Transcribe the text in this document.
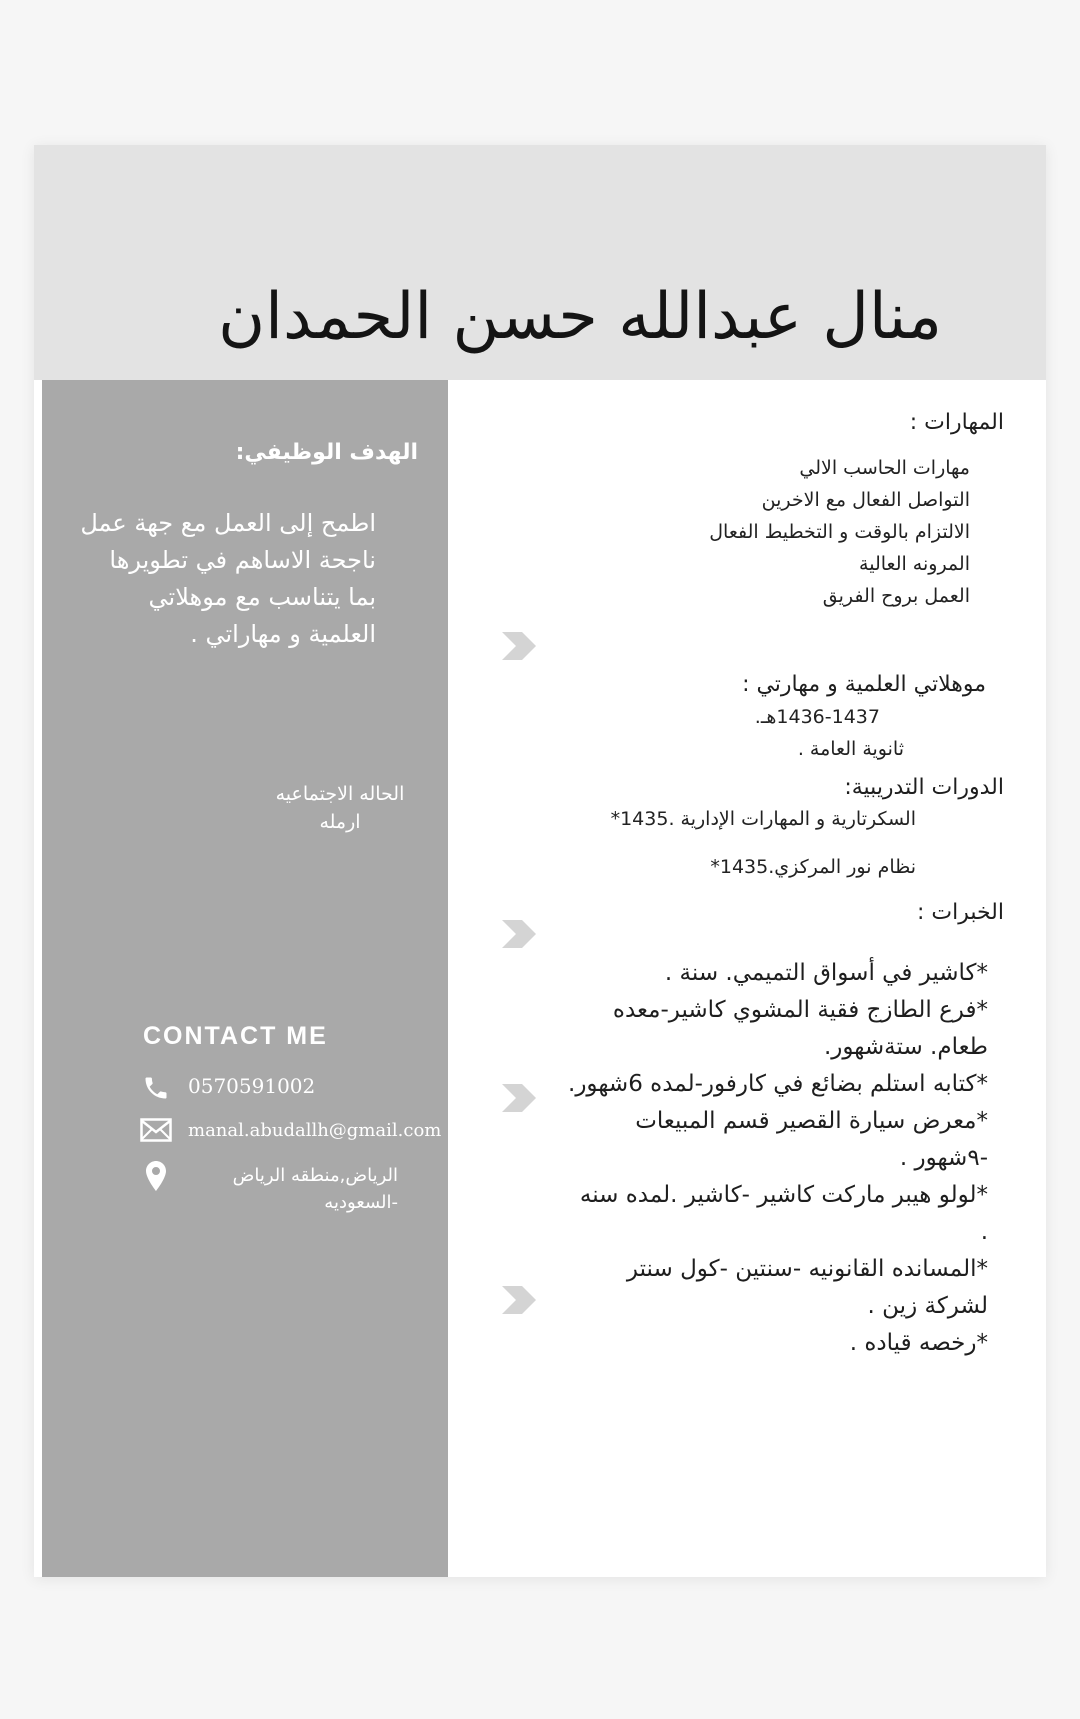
منال عبدالله حسن الحمدان
الهدف الوظيفي:

اطمح إلى العمل مع جهة عمل ناجحة الاساهم في تطويرها بما يتناسب مع موهلاتي العلمية و مهاراتي .

الحاله الاجتماعيه
ارمله
CONTACT ME
0570591002
manal.abudallh@gmail.com
الرياض,منطقه الرياض -السعوديه
المهارات :
مهارات الحاسب الالي
التواصل الفعال مع الاخرين
الالتزام بالوقت و التخطيط الفعال
المرونه العالية
العمل بروح الفريق
موهلاتي العلمية و مهارتي :
1436-1437هـ.
ثانوية العامة .
الدورات التدريبية:
السكرتارية و المهارات الإدارية .1435*
نظام نور المركزي.1435*
الخبرات :

*كاشير في أسواق التميمي. سنة .

*فرع الطازج فقية المشوي كاشير-معده طعام. ستةشهور.

*كتابه استلم بضائع في كارفور-لمده 6شهور.

*معرض سيارة القصير قسم المبيعات -٩شهور .

*لولو هيبر ماركت كاشير -كاشير .لمده سنه .

*المسانده القانونيه -سنتين -كول سنتر لشركة زين .

*رخصه قياده .
